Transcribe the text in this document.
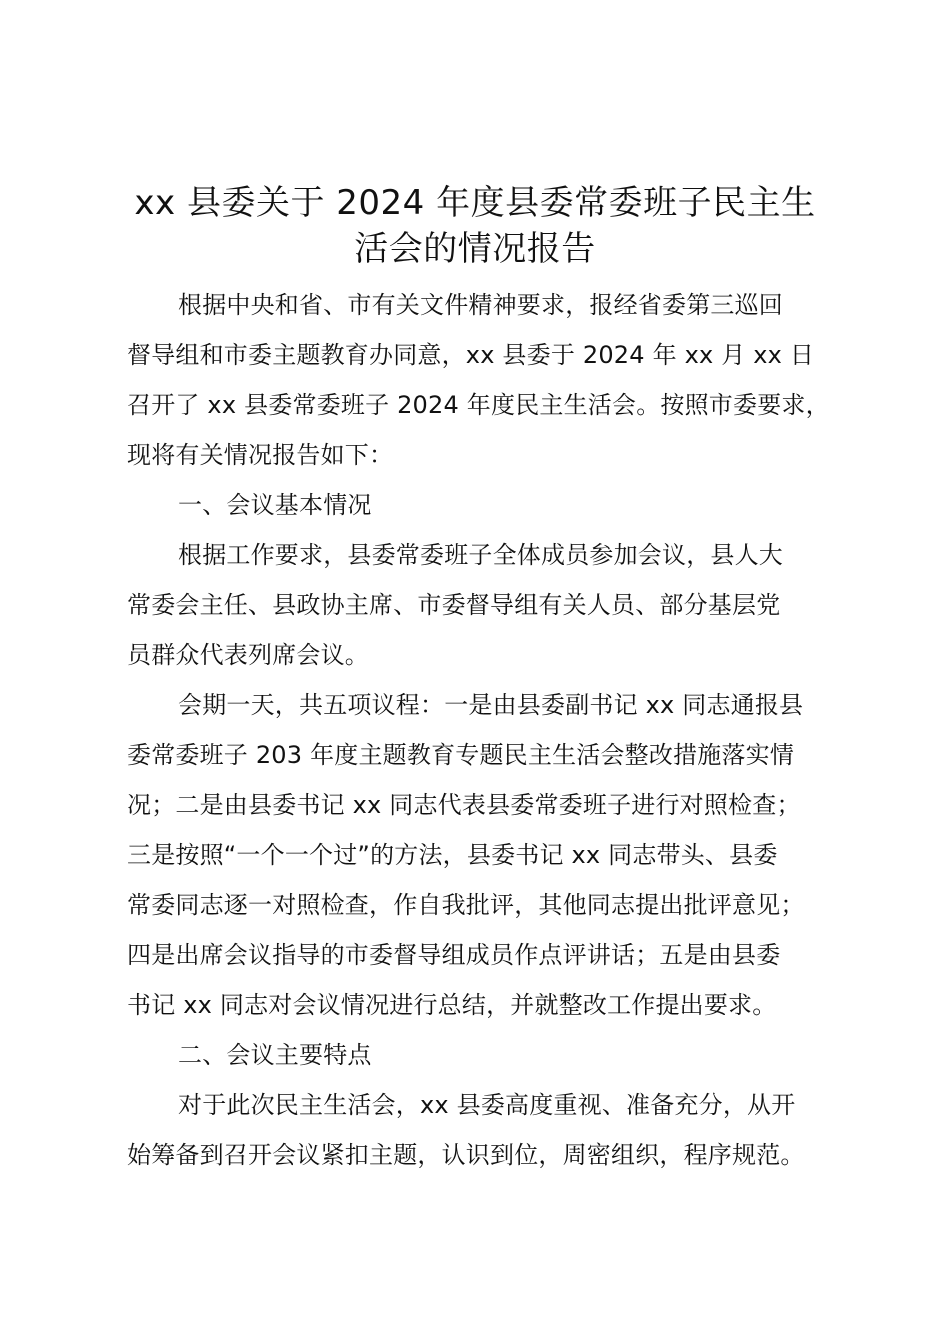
xx 县委关于 2024 年度县委常委班子民主生
活会的情况报告
根据中央和省、市有关文件精神要求，报经省委第三巡回
督导组和市委主题教育办同意，xx 县委于 2024 年 xx 月 xx 日
召开了 xx 县委常委班子 2024 年度民主生活会。按照市委要求，
现将有关情况报告如下：
一、会议基本情况
根据工作要求，县委常委班子全体成员参加会议，县人大
常委会主任、县政协主席、市委督导组有关人员、部分基层党
员群众代表列席会议。
会期一天，共五项议程：一是由县委副书记 xx 同志通报县
委常委班子 203 年度主题教育专题民主生活会整改措施落实情
况；二是由县委书记 xx 同志代表县委常委班子进行对照检查；
三是按照“一个一个过”的方法，县委书记 xx 同志带头、县委
常委同志逐一对照检查，作自我批评，其他同志提出批评意见；
四是出席会议指导的市委督导组成员作点评讲话；五是由县委
书记 xx 同志对会议情况进行总结，并就整改工作提出要求。
二、会议主要特点
对于此次民主生活会，xx 县委高度重视、准备充分，从开
始筹备到召开会议紧扣主题，认识到位，周密组织，程序规范。
